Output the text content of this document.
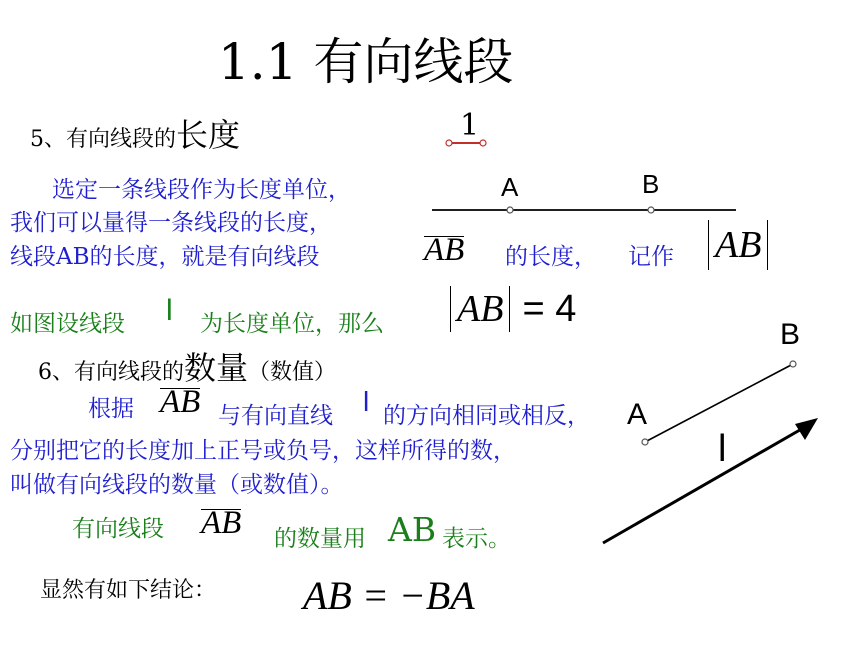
1.1 有向线段
5、有向线段的长度	1
A	B
选定一条线段作为长度单位，
我们可以量得一条线段的长度，
线段AB的长度，就是有向线段	AB 的长度， 记作 AB
如图设线段 l 为长度单位，那么 AB = 4
6、有向线段的数量（数值）
B
A
l
根据 AB 与有向直线 l 的方向相同或相反，
分别把它的长度加上正号或负号，这样所得的数，
叫做有向线段的数量（或数值）。
有向线段 AB 的数量用 AB 表示。
显然有如下结论： AB = −BA
